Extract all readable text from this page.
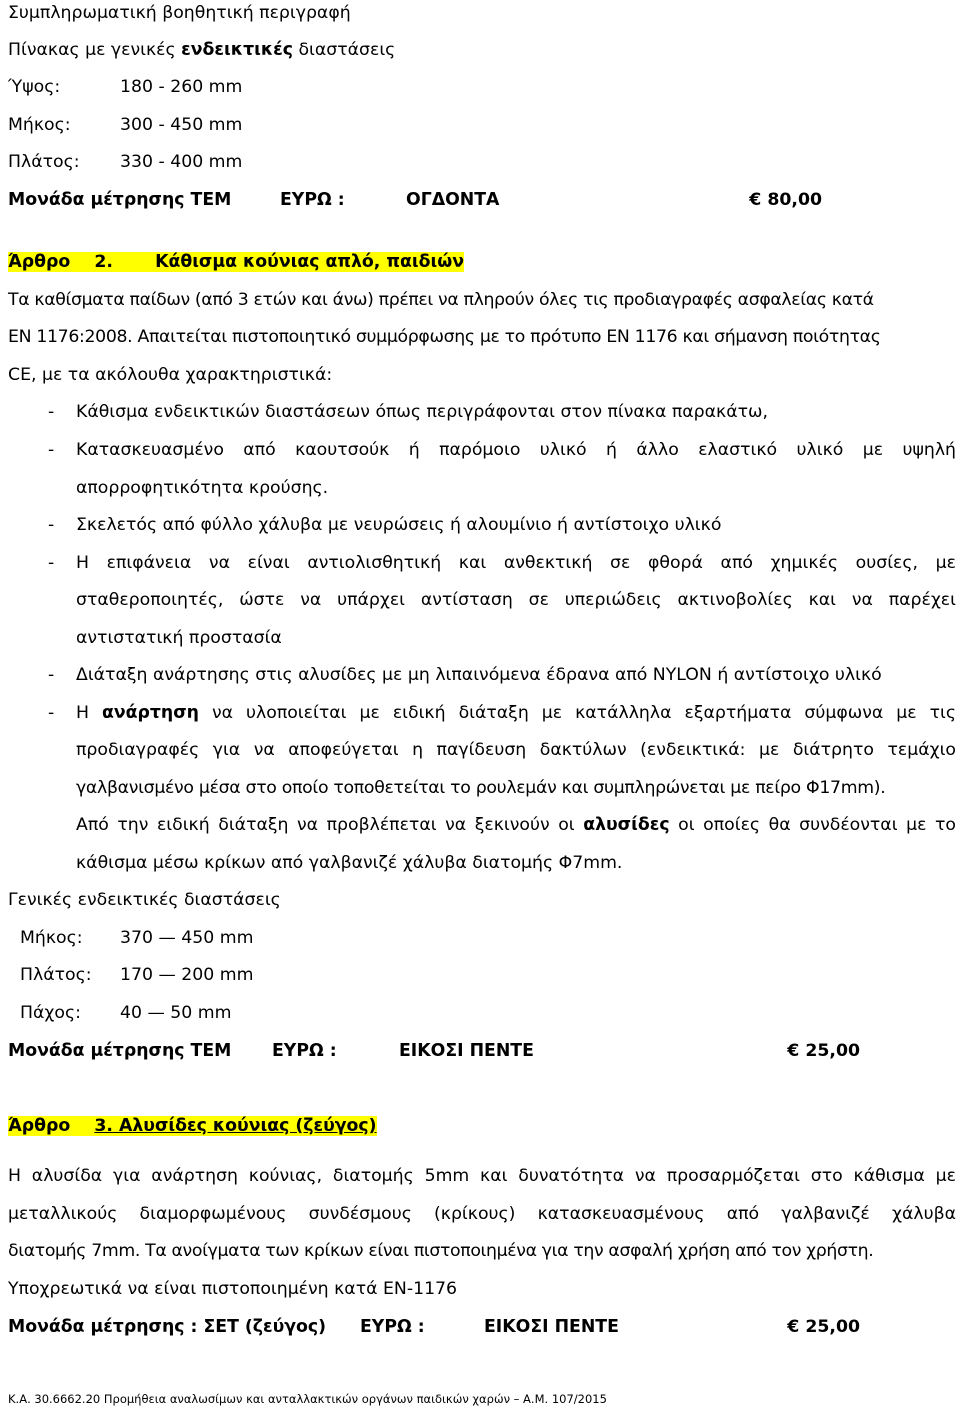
Συμπληρωματική βοηθητική περιγραφή
Πίνακας με γενικές ενδεικτικές διαστάσεις
Ύψος:	180 - 260 mm
Μήκος:	300 - 450 mm
Πλάτος: 330 - 400 mm
Μονάδα μέτρησης ΤΕΜ	ΕΥΡΩ :	ΟΓΔΟΝΤΑ	€ 80,00
Άρθρο 2. Κάθισμα κούνιας απλό, παιδιών
Τα καθίσματα παίδων (από 3 ετών και άνω) πρέπει να πληρούν όλες τις προδιαγραφές ασφαλείας κατά
EN 1176:2008. Απαιτείται πιστοποιητικό συμμόρφωσης με το πρότυπο EN 1176 και σήμανση ποιότητας
CE, με τα ακόλουθα χαρακτηριστικά:
- Κάθισμα ενδεικτικών διαστάσεων όπως περιγράφονται στον πίνακα παρακάτω,
- Κατασκευασμένο από καουτσούκ ή παρόμοιο υλικό ή άλλο ελαστικό υλικό με υψηλή
απορροφητικότητα κρούσης.
- Σκελετός από φύλλο χάλυβα με νευρώσεις ή αλουμίνιο ή αντίστοιχο υλικό
- Η επιφάνεια να είναι αντιολισθητική και ανθεκτική σε φθορά από χημικές ουσίες, με
σταθεροποιητές, ώστε να υπάρχει αντίσταση σε υπεριώδεις ακτινοβολίες και να παρέχει
αντιστατική προστασία
- Διάταξη ανάρτησης στις αλυσίδες με μη λιπαινόμενα έδρανα από NYLON ή αντίστοιχο υλικό
- Η ανάρτηση να υλοποιείται με ειδική διάταξη με κατάλληλα εξαρτήματα σύμφωνα με τις
προδιαγραφές για να αποφεύγεται η παγίδευση δακτύλων (ενδεικτικά: με διάτρητο τεμάχιο
γαλβανισμένο μέσα στο οποίο τοποθετείται το ρουλεμάν και συμπληρώνεται με πείρο Φ17mm).
Από την ειδική διάταξη να προβλέπεται να ξεκινούν οι αλυσίδες οι οποίες θα συνδέονται με το
κάθισμα μέσω κρίκων από γαλβανιζέ χάλυβα διατομής Φ7mm.
Γενικές ενδεικτικές διαστάσεις
Μήκος: 370 — 450 mm
Πλάτος: 170 — 200 mm
Πάχος: 40 — 50 mm
Μονάδα μέτρησης ΤΕΜ ΕΥΡΩ :	ΕΙΚΟΣΙ ΠΕΝΤΕ	€ 25,00
Άρθρο 3. Αλυσίδες κούνιας (ζεύγος)
Η αλυσίδα για ανάρτηση κούνιας, διατομής 5mm και δυνατότητα να προσαρμόζεται στο κάθισμα με
μεταλλικούς διαμορφωμένους συνδέσμους (κρίκους) κατασκευασμένους από γαλβανιζέ χάλυβα
διατομής 7mm. Τα ανοίγματα των κρίκων είναι πιστοποιημένα για την ασφαλή χρήση από τον χρήστη.
Υποχρεωτικά να είναι πιστοποιημένη κατά ΕΝ-1176
Μονάδα μέτρησης : ΣΕΤ (ζεύγος) ΕΥΡΩ :	ΕΙΚΟΣΙ ΠΕΝΤΕ	€ 25,00
Κ.Α. 30.6662.20 Προμήθεια αναλωσίμων και ανταλλακτικών οργάνων παιδικών χαρών – Α.Μ. 107/2015
